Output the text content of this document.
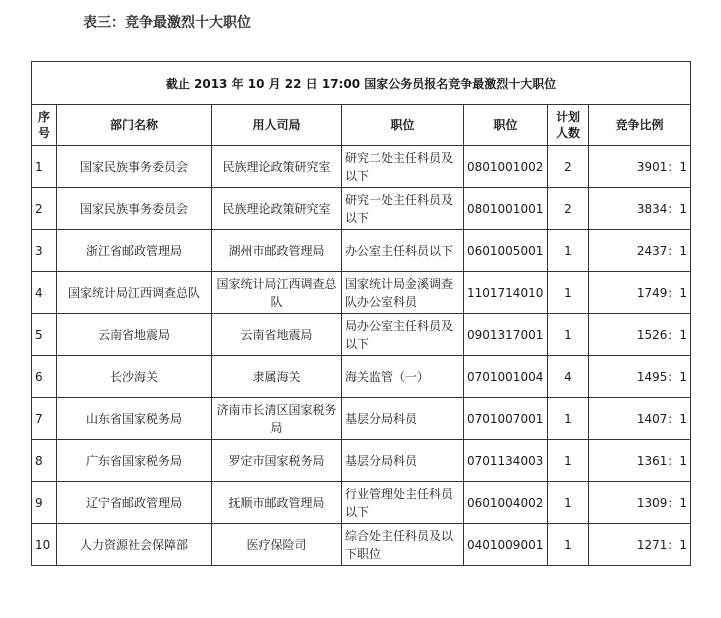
表三：竞争最激烈十大职位
截止 2013 年 10 月 22 日 17:00 国家公务员报名竞争最激烈十大职位						
序号	部门名称	用人司局	职位	职位	计划人数	竞争比例
1	国家民族事务委员会	民族理论政策研究室	研究二处主任科员及以下	0801001002	2	3901：1
2	国家民族事务委员会	民族理论政策研究室	研究一处主任科员及以下	0801001001	2	3834：1
3	浙江省邮政管理局	湖州市邮政管理局	办公室主任科员以下	0601005001	1	2437：1
4	国家统计局江西调查总队	国家统计局江西调查总队	国家统计局金溪调查队办公室科员	1101714010	1	1749：1
5	云南省地震局	云南省地震局	局办公室主任科员及以下	0901317001	1	1526：1
6	长沙海关	隶属海关	海关监管（一）	0701001004	4	1495：1
7	山东省国家税务局	济南市长清区国家税务局	基层分局科员	0701007001	1	1407：1
8	广东省国家税务局	罗定市国家税务局	基层分局科员	0701134003	1	1361：1
9	辽宁省邮政管理局	抚顺市邮政管理局	行业管理处主任科员以下	0601004002	1	1309：1
10	人力资源社会保障部	医疗保险司	综合处主任科员及以下职位	0401009001	1	1271：1
